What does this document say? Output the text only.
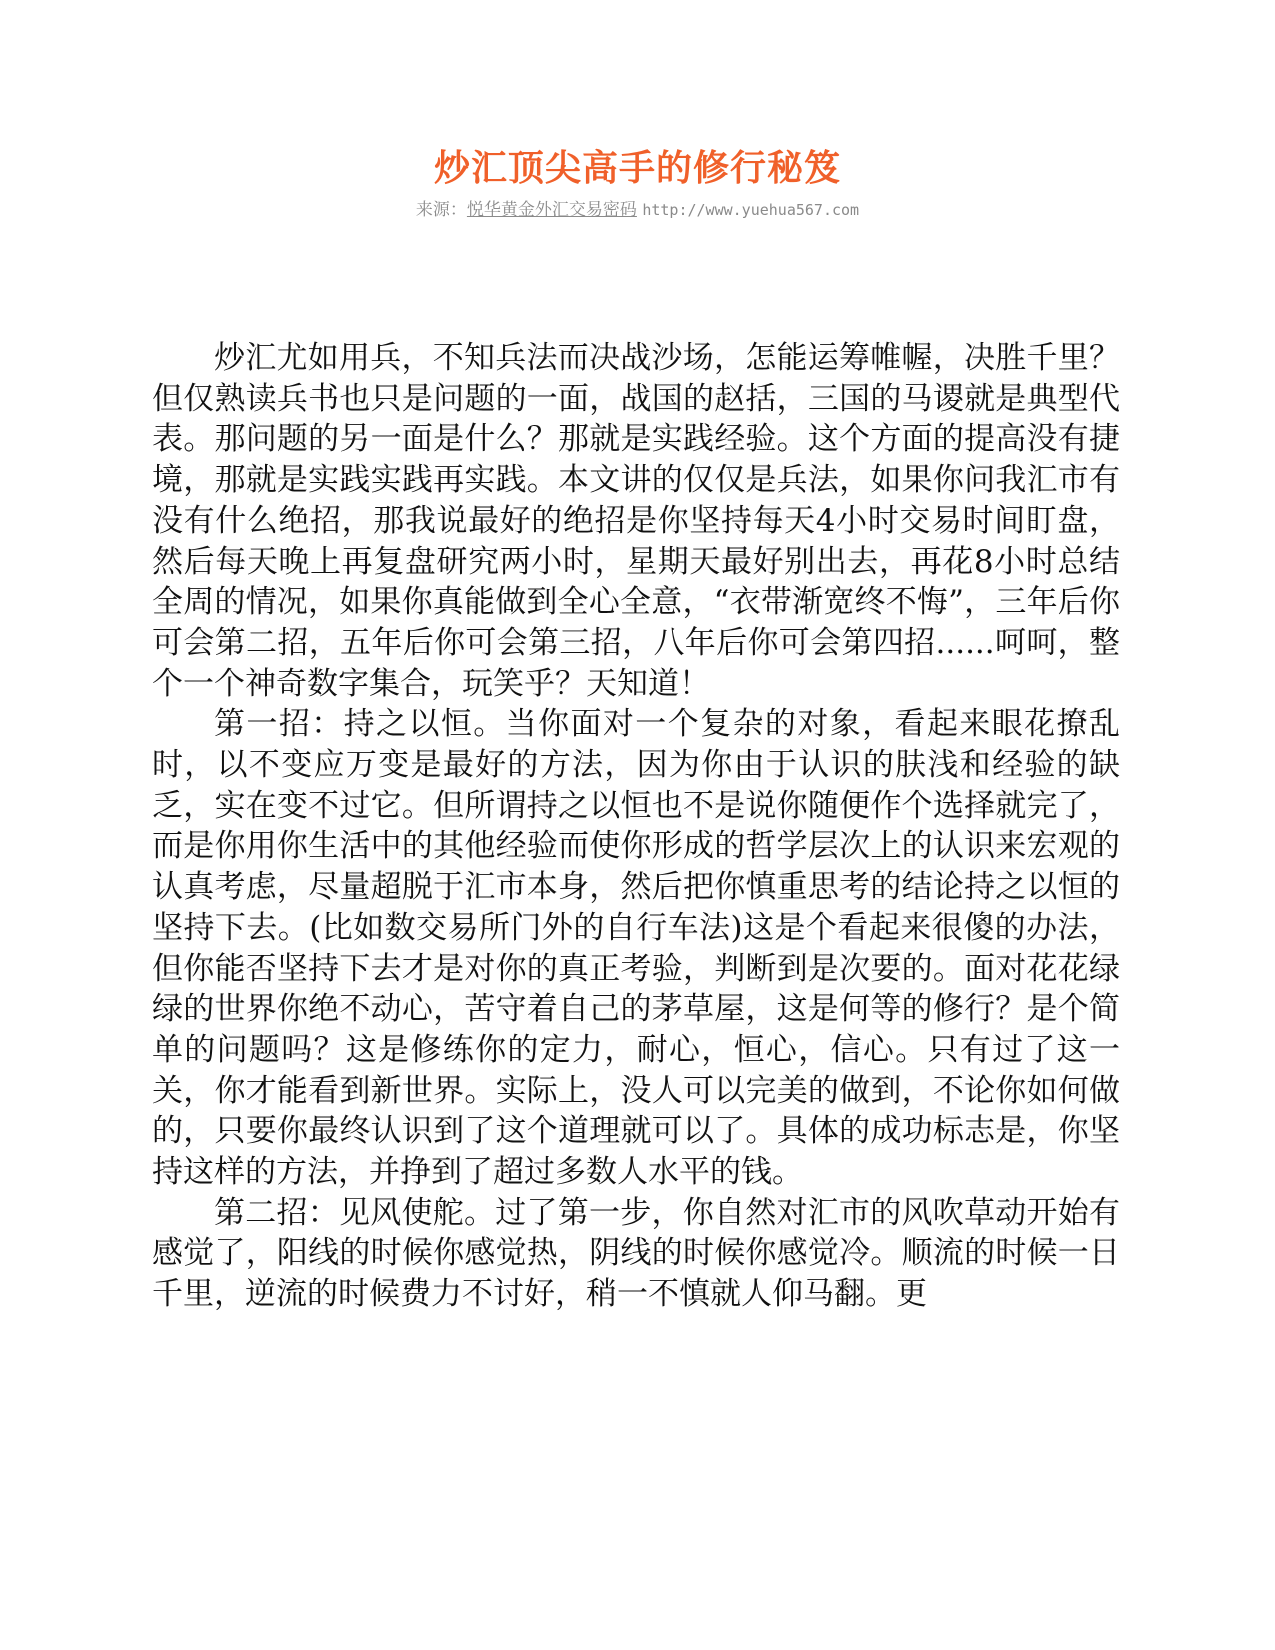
炒汇顶尖高手的修行秘笈
来源：悦华黄金外汇交易密码 http://www.yuehua567.com

炒汇尤如用兵，不知兵法而决战沙场，怎能运筹帷幄，决胜千里？但仅熟读兵书也只是问题的一面，战国的赵括，三国的马谡就是典型代表。那问题的另一面是什么？那就是实践经验。这个方面的提高没有捷境，那就是实践实践再实践。本文讲的仅仅是兵法，如果你问我汇市有没有什么绝招，那我说最好的绝招是你坚持每天4小时交易时间盯盘，然后每天晚上再复盘研究两小时，星期天最好别出去，再花8小时总结全周的情况，如果你真能做到全心全意，“衣带渐宽终不悔”，三年后你可会第二招，五年后你可会第三招，八年后你可会第四招......呵呵，整个一个神奇数字集合，玩笑乎？天知道！

第一招：持之以恒。当你面对一个复杂的对象，看起来眼花撩乱时，以不变应万变是最好的方法，因为你由于认识的肤浅和经验的缺乏，实在变不过它。但所谓持之以恒也不是说你随便作个选择就完了，而是你用你生活中的其他经验而使你形成的哲学层次上的认识来宏观的认真考虑，尽量超脱于汇市本身，然后把你慎重思考的结论持之以恒的坚持下去。(比如数交易所门外的自行车法)这是个看起来很傻的办法，但你能否坚持下去才是对你的真正考验，判断到是次要的。面对花花绿绿的世界你绝不动心，苦守着自己的茅草屋，这是何等的修行？是个简单的问题吗？这是修练你的定力，耐心，恒心，信心。只有过了这一关，你才能看到新世界。实际上，没人可以完美的做到，不论你如何做的，只要你最终认识到了这个道理就可以了。具体的成功标志是，你坚持这样的方法，并挣到了超过多数人水平的钱。

第二招：见风使舵。过了第一步，你自然对汇市的风吹草动开始有感觉了，阳线的时候你感觉热，阴线的时候你感觉冷。顺流的时候一日千里，逆流的时候费力不讨好，稍一不慎就人仰马翻。更
